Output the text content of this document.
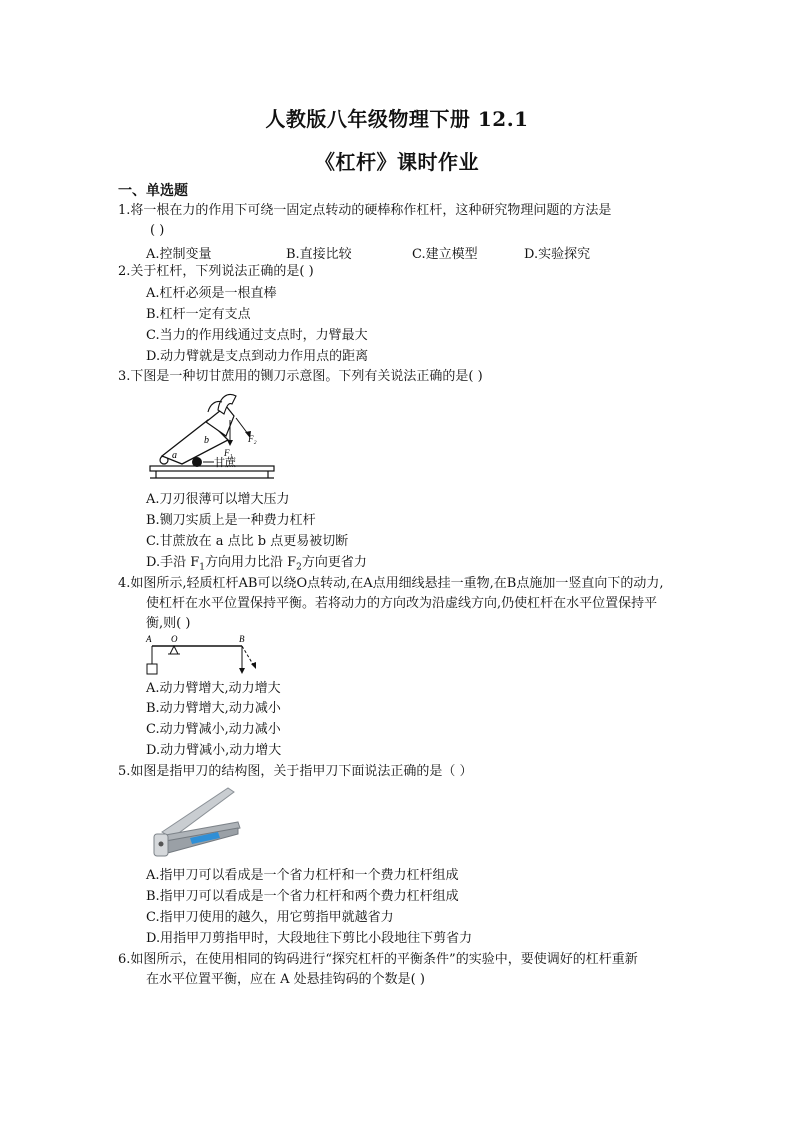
人教版八年级物理下册 12.1
《杠杆》课时作业
一、单选题
1.将一根在力的作用下可绕一固定点转动的硬棒称作杠杆，这种研究物理问题的方法是
( )
A.控制变量	B.直接比较	C.建立模型	D.实验探究
2.关于杠杆，下列说法正确的是( )
A.杠杆必须是一根直棒
B.杠杆一定有支点
C.当力的作用线通过支点时，力臂最大
D.动力臂就是支点到动力作用点的距离
3.下图是一种切甘蔗用的铡刀示意图。下列有关说法正确的是( )
a
b
F₁
F₂
甘蔗
A.刀刃很薄可以增大压力
B.铡刀实质上是一种费力杠杆
C.甘蔗放在 a 点比 b 点更易被切断
D.手沿 $F_1$方向用力比沿 $F_2$方向更省力
4.如图所示,轻质杠杆AB可以绕O点转动,在A点用细线悬挂一重物,在B点施加一竖直向下的动力,
使杠杆在水平位置保持平衡。若将动力的方向改为沿虚线方向,仍使杠杆在水平位置保持平
衡,则( )
A O	B
A.动力臂增大,动力增大
B.动力臂增大,动力减小
C.动力臂减小,动力减小
D.动力臂减小,动力增大
5.如图是指甲刀的结构图，关于指甲刀下面说法正确的是（ ）
A.指甲刀可以看成是一个省力杠杆和一个费力杠杆组成
B.指甲刀可以看成是一个省力杠杆和两个费力杠杆组成
C.指甲刀使用的越久，用它剪指甲就越省力
D.用指甲刀剪指甲时，大段地往下剪比小段地往下剪省力
6.如图所示，在使用相同的钩码进行“探究杠杆的平衡条件”的实验中，要使调好的杠杆重新
在水平位置平衡，应在 A 处悬挂钩码的个数是( )
